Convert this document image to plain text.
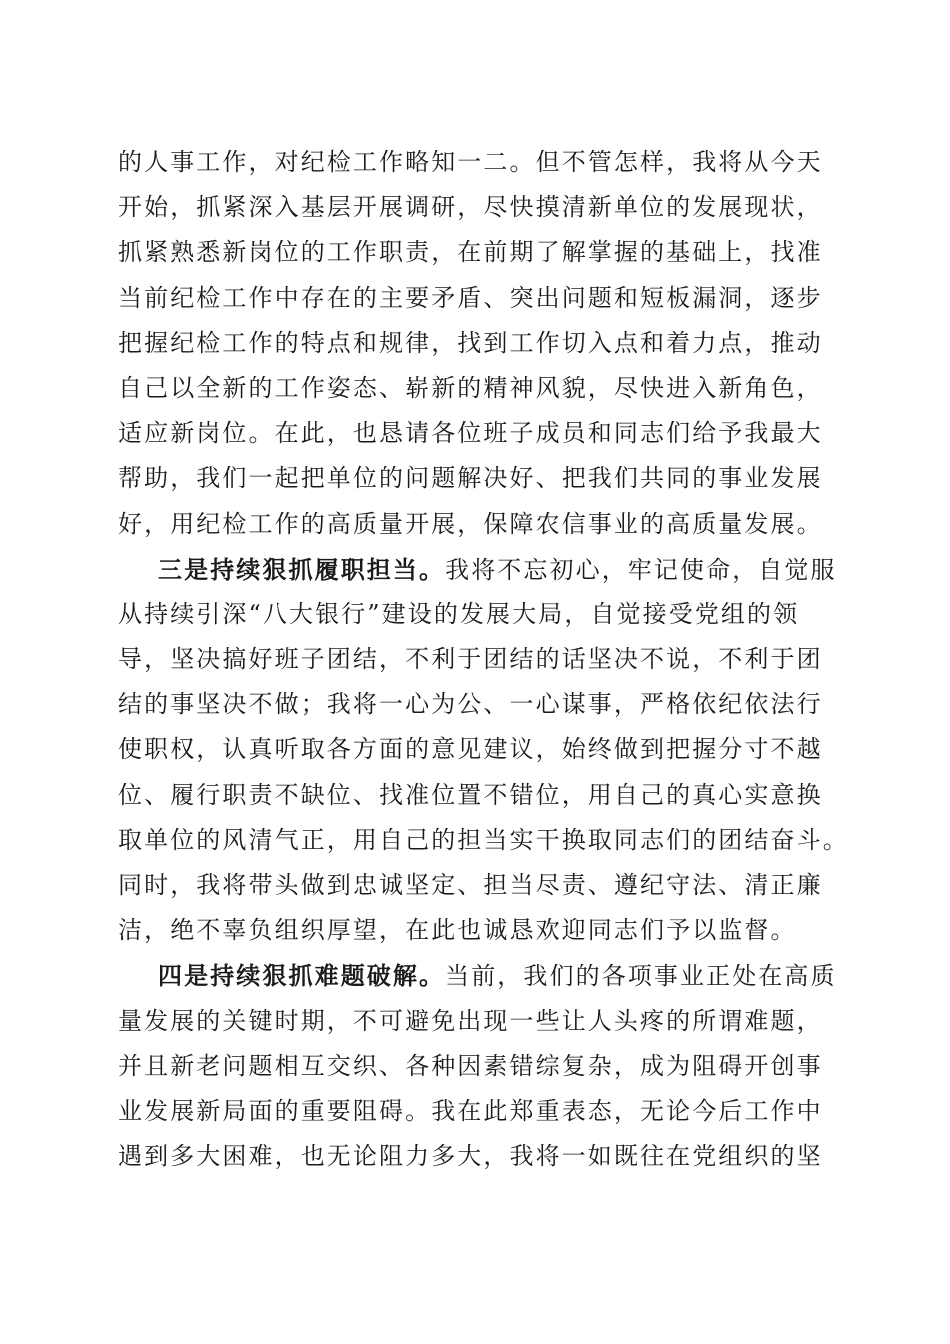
的人事工作，对纪检工作略知一二。但不管怎样，我将从今天
开始，抓紧深入基层开展调研，尽快摸清新单位的发展现状，
抓紧熟悉新岗位的工作职责，在前期了解掌握的基础上，找准
当前纪检工作中存在的主要矛盾、突出问题和短板漏洞，逐步
把握纪检工作的特点和规律，找到工作切入点和着力点，推动
自己以全新的工作姿态、崭新的精神风貌，尽快进入新角色，
适应新岗位。在此，也恳请各位班子成员和同志们给予我最大
帮助，我们一起把单位的问题解决好、把我们共同的事业发展
好，用纪检工作的高质量开展，保障农信事业的高质量发展。
三是持续狠抓履职担当。我将不忘初心，牢记使命，自觉服
从持续引深“八大银行”建设的发展大局，自觉接受党组的领
导，坚决搞好班子团结，不利于团结的话坚决不说，不利于团
结的事坚决不做；我将一心为公、一心谋事，严格依纪依法行
使职权，认真听取各方面的意见建议，始终做到把握分寸不越
位、履行职责不缺位、找准位置不错位，用自己的真心实意换
取单位的风清气正，用自己的担当实干换取同志们的团结奋斗。
同时，我将带头做到忠诚坚定、担当尽责、遵纪守法、清正廉
洁，绝不辜负组织厚望，在此也诚恳欢迎同志们予以监督。
四是持续狠抓难题破解。当前，我们的各项事业正处在高质
量发展的关键时期，不可避免出现一些让人头疼的所谓难题，
并且新老问题相互交织、各种因素错综复杂，成为阻碍开创事
业发展新局面的重要阻碍。我在此郑重表态，无论今后工作中
遇到多大困难，也无论阻力多大，我将一如既往在党组织的坚
